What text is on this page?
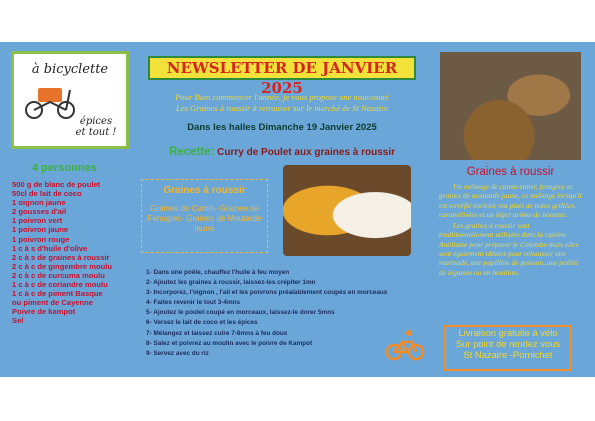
à bicyclette
épices
et tout !
4 personnes
500 g de blanc de poulet
50cl de lait de coco
1 oignon jaune
2 gousses d'ail
1 poivron vert
1 poivron jaune
1 poivron rouge
1 c à s d'huile d'olive
2 c à s de graines à roussir
2 c à c de gingembre moulu
2 c à c de curcuma moulu
1 c à c de coriandre moulu
1 c à c de piment Basque
ou piment de Cayenne
Poivre de kampot
Sel
NEWSLETTER DE JANVIER 2025
Pour Bien commencer l'année, je vous propose une nouveauté
Les Graines à roussir à retrouver sur le marché de St Nazaire
Dans les halles Dimanche 19 Janvier 2025
Recette: Curry de Poulet aux graines à roussir
Graines à roussir
Graines de Cumin- Graines de Fenugrec- Graines de Moutarde jaune
1- Dans une poêle, chauffez l'huile à feu moyen
2- Ajoutez les graines à roussir, laissez-les crépiter 1mn
3- Incorporez, l'oignon , l'ail et les poivrons préalablement coupés en morceaux
4- Faites revenir le tout 3-4mns
5- Ajoutez le poulet coupé en morceaux, laissez-le dorer 5mns
6- Versez le lait de coco et les épices
7- Mélangez et laissez cuire 7-8mns à feu doux
8- Salez et poivrez au moulin avec le poivre de Kampot
9- Servez avec du riz
Graines à roussir

Un mélange de cumin entier, fenugrec et graines de moutarde jaune, ce mélange lorsqu'il est torréfié enrichit vos plats de notes grillées, caramélisées et un léger arôme de noisette.

Les graines à roussir sont traditionnellement utilisées dans la cuisine Antillaise pour préparer le Colombo mais elles sont également idéales pour réhausser une marinade, une papillote de poisson, une poêlée de légumes ou un bouillon,

Livraison gratuite à vélo
Sur point de rendez vous
St Nazaire -Pornichet
